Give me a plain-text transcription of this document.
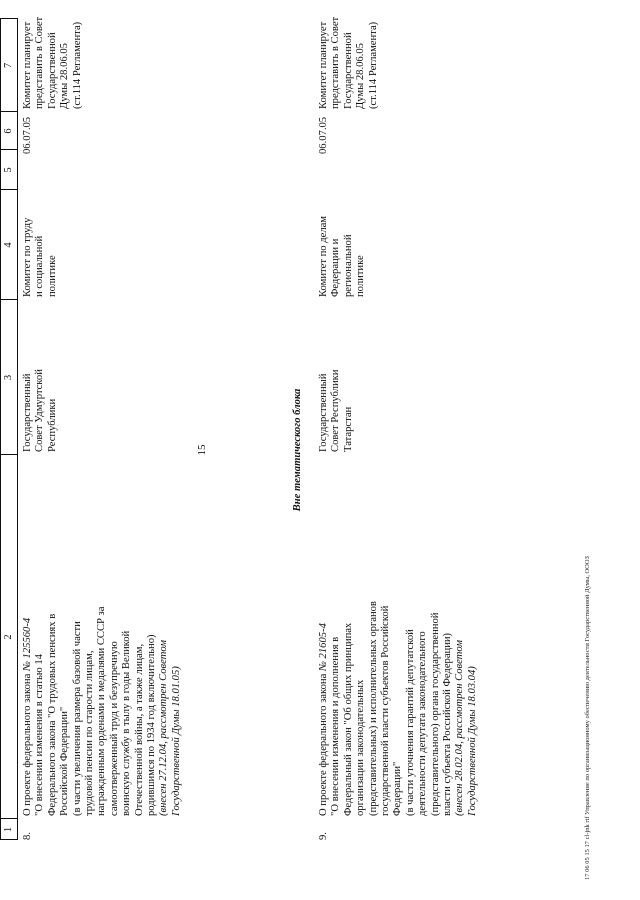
15
1
2
3
4
5
6
7
8.
О проекте федерального закона № 125560-4
"О внесении изменения в статью 14 Федерального закона "О трудовых пенсиях в Российской Федерации" (в части увеличения размера базовой части трудовой пенсии по старости лицам, награжденным орденами и медалями СССР за самоотверженный труд и безупречную воинскую службу в тылу в годы Великой Отечественной войны, а также лицам, родившимся по 1934 год включительно) (внесен 27.12.04, рассмотрен Советом Государственной Думы 18.01.05)
Государственный Совет Удмуртской Республики
Комитет по труду и социальной политике
06.07.05
Комитет планирует представить в Совет Государственной Думы 28.06.05 (ст.114 Регламента)
Вне тематического блока
9.
О проекте федерального закона № 21605-4 "О внесении изменения и дополнения в Федеральный закон "Об общих принципах организации законодательных (представительных) и исполнительных органов государственной власти субъектов Российской Федерации" (в части уточнения гарантий депутатской деятельности депутата законодательного (представительного) органа государственной власти субъекта Российской Федерации) (внесен 28.02.04, рассмотрен Советом Государственной Думы 18.03.04)
Государственный Совет Республики Татарстан
Комитет по делам Федерации и региональной политике
06.07.05
Комитет планирует представить в Совет Государственной Думы 28.06.05 (ст.114 Регламента)
17 06 05 15 17 cl-jnk rtf Управление по организационному обеспечению деятельности Государственной Думы, ОООЗ
